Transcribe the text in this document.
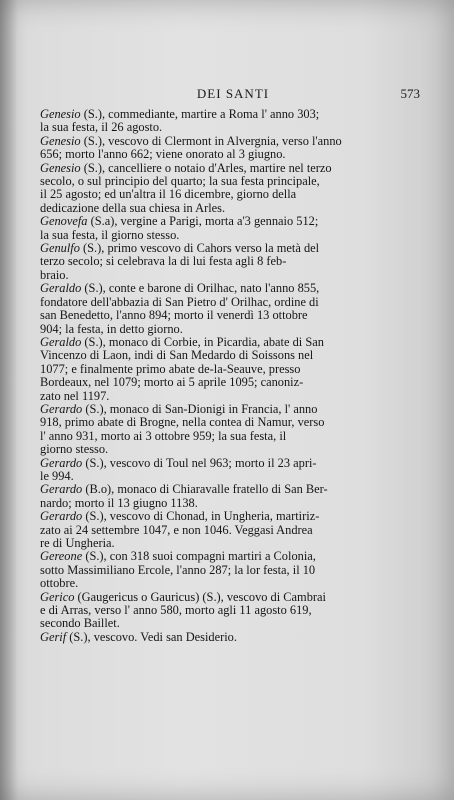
DEI SANTI	573

Genesio (S.), commediante, martire a Roma l' anno 303;
la sua festa, il 26 agosto.

Genesio (S.), vescovo di Clermont in Alvergnia, verso l'anno
656; morto l'anno 662; viene onorato al 3 giugno.

Genesio (S.), cancelliere o notaio d'Arles, martire nel terzo
secolo, o sul principio del quarto; la sua festa principale,
il 25 agosto; ed un'altra il 16 dicembre, giorno della
dedicazione della sua chiesa in Arles.

Genovefa (S.a), vergine a Parigi, morta a'3 gennaio 512;
la sua festa, il giorno stesso.

Genulfo (S.), primo vescovo di Cahors verso la metà del
terzo secolo; si celebrava la di lui festa agli 8 feb-
braio.

Geraldo (S.), conte e barone di Orilhac, nato l'anno 855,
fondatore dell'abbazia di San Pietro d' Orilhac, ordine di
san Benedetto, l'anno 894; morto il venerdì 13 ottobre
904; la festa, in detto giorno.

Geraldo (S.), monaco di Corbie, in Picardia, abate di San
Vincenzo di Laon, indi di San Medardo di Soissons nel
1077; e finalmente primo abate de-la-Seauve, presso
Bordeaux, nel 1079; morto ai 5 aprile 1095; canoniz-
zato nel 1197.

Gerardo (S.), monaco di San-Dionigi in Francia, l' anno
918, primo abate di Brogne, nella contea di Namur, verso
l' anno 931, morto ai 3 ottobre 959; la sua festa, il
giorno stesso.

Gerardo (S.), vescovo di Toul nel 963; morto il 23 apri-
le 994.

Gerardo (B.o), monaco di Chiaravalle fratello di San Ber-
nardo; morto il 13 giugno 1138.

Gerardo (S.), vescovo di Chonad, in Ungheria, martiriz-
zato ai 24 settembre 1047, e non 1046. Veggasi Andrea
re di Ungheria.

Gereone (S.), con 318 suoi compagni martiri a Colonia,
sotto Massimiliano Ercole, l'anno 287; la lor festa, il 10
ottobre.

Gerico (Gaugericus o Gauricus) (S.), vescovo di Cambrai
e di Arras, verso l' anno 580, morto agli 11 agosto 619,
secondo Baillet.

Gerif (S.), vescovo. Vedi san Desiderio.
